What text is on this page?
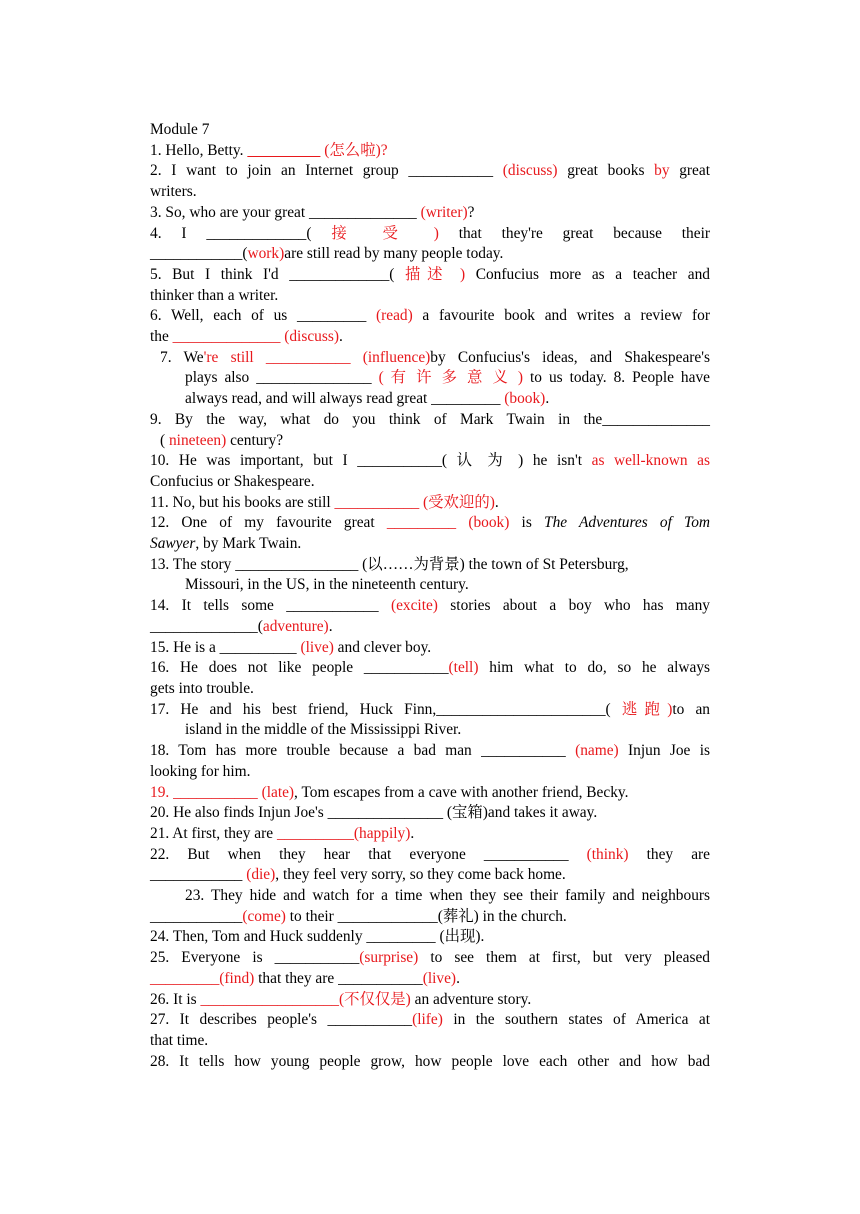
Module 7
1. Hello, Betty.	(怎么啦)?
2. I want to join an Internet group ___________ (discuss) great books by great
writers.
3. So, who are your great ______________ (writer)?
4. I _____________( 接 受 ) that they're great because their
____________(work)are still read by many people today.
5. But I think I'd _____________( 描述 ) Confucius more as a teacher and
thinker than a writer.
6. Well, each of us _________ (read) a favourite book and writes a review for
the ______________ (discuss).
7. We're still ___________ (influence)by Confucius's ideas, and Shakespeare's
plays also _______________ ( 有 许 多 意 义 ) to us today. 8. People have
always read, and will always read great _________ (book).
9. By the way, what do you think of Mark Twain in the______________
( nineteen) century?
10. He was important, but I ___________( 认 为 ) he isn't as well-known as
Confucius or Shakespeare.
11. No, but his books are still ___________ (受欢迎的).
12. One of my favourite great _________ (book) is The Adventures of Tom
Sawyer, by Mark Twain.
13. The story ________________ (以……为背景) the town of St Petersburg,
Missouri, in the US, in the nineteenth century.
14. It tells some ____________ (excite) stories about a boy who has many
______________(adventure).
15. He is a __________ (live) and clever boy.
16. He does not like people ___________(tell) him what to do, so he always
gets into trouble.
17. He and his best friend, Huck Finn,______________________( 逃跑)to an
island in the middle of the Mississippi River.
18. Tom has more trouble because a bad man ___________ (name) Injun Joe is
looking for him.
19. ___________ (late), Tom escapes from a cave with another friend, Becky.
20. He also finds Injun Joe's _______________ (宝箱)and takes it away.
21. At first, they are __________(happily).
22. But when they hear that everyone ___________ (think) they are
____________ (die), they feel very sorry, so they come back home.
23. They hide and watch for a time when they see their family and neighbours
____________(come) to their _____________(葬礼) in the church.
24. Then, Tom and Huck suddenly _________ (出现).
25. Everyone is ___________(surprise) to see them at first, but very pleased
_________(find) that they are ___________(live).
26. It is __________________(不仅仅是) an adventure story.
27. It describes people's ___________(life) in the southern states of America at
that time.
28. It tells how young people grow, how people love each other and how bad
